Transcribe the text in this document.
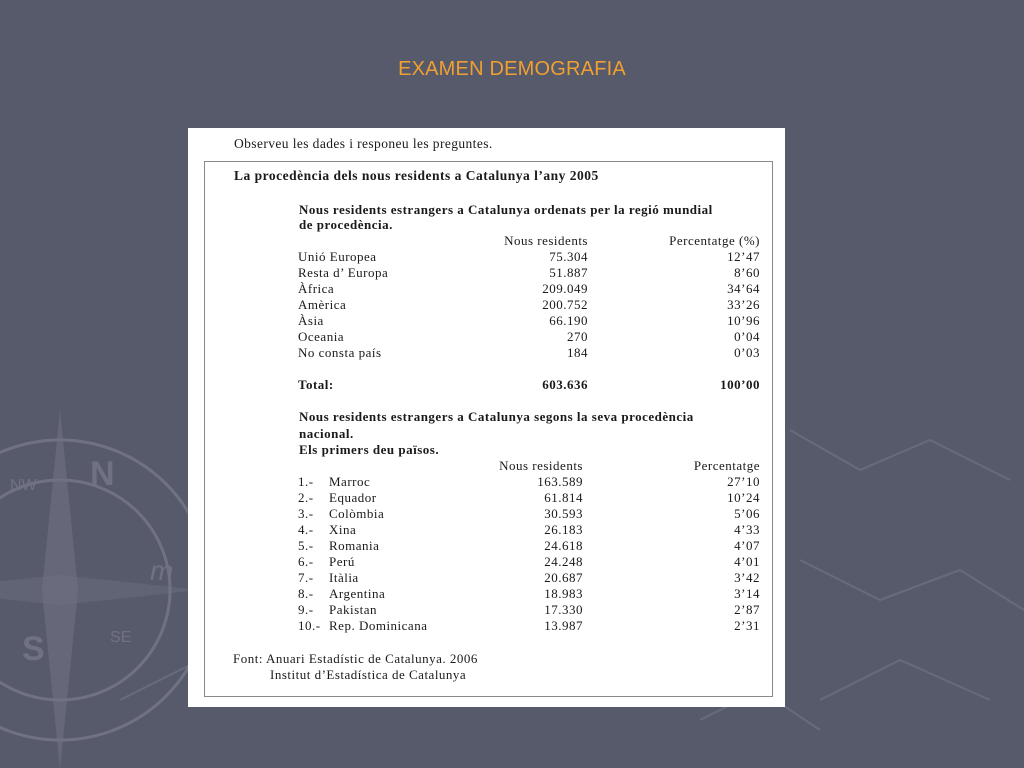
N
S
m
SE
NW
EXAMEN DEMOGRAFIA
Observeu les dades i responeu les preguntes.
La procedència dels nous residents a Catalunya l’any 2005
Nous residents estrangers a Catalunya ordenats per la regió mundial
de procedència.
Nous residents	Percentatge (%)
Unió Europea	75.304	12’47
Resta d’ Europa	51.887	8’60
Àfrica	209.049	34’64
Amèrica	200.752	33’26
Àsia	66.190	10’96
Oceania	270	0’04
No consta país	184	0’03
Total:	603.636	100’00
Nous residents estrangers a Catalunya segons la seva procedència
nacional.
Els primers deu països.
Nous residents	Percentatge
1.- Marroc	163.589	27’10
2.- Equador	61.814	10’24
3.- Colòmbia	30.593	5’06
4.- Xina	26.183	4’33
5.- Romania	24.618	4’07
6.- Perú	24.248	4’01
7.- Itàlia	20.687	3’42
8.- Argentina	18.983	3’14
9.- Pakistan	17.330	2’87
10.- Rep. Dominicana	13.987	2’31
Font: Anuari Estadístic de Catalunya. 2006
Institut d’Estadística de Catalunya
